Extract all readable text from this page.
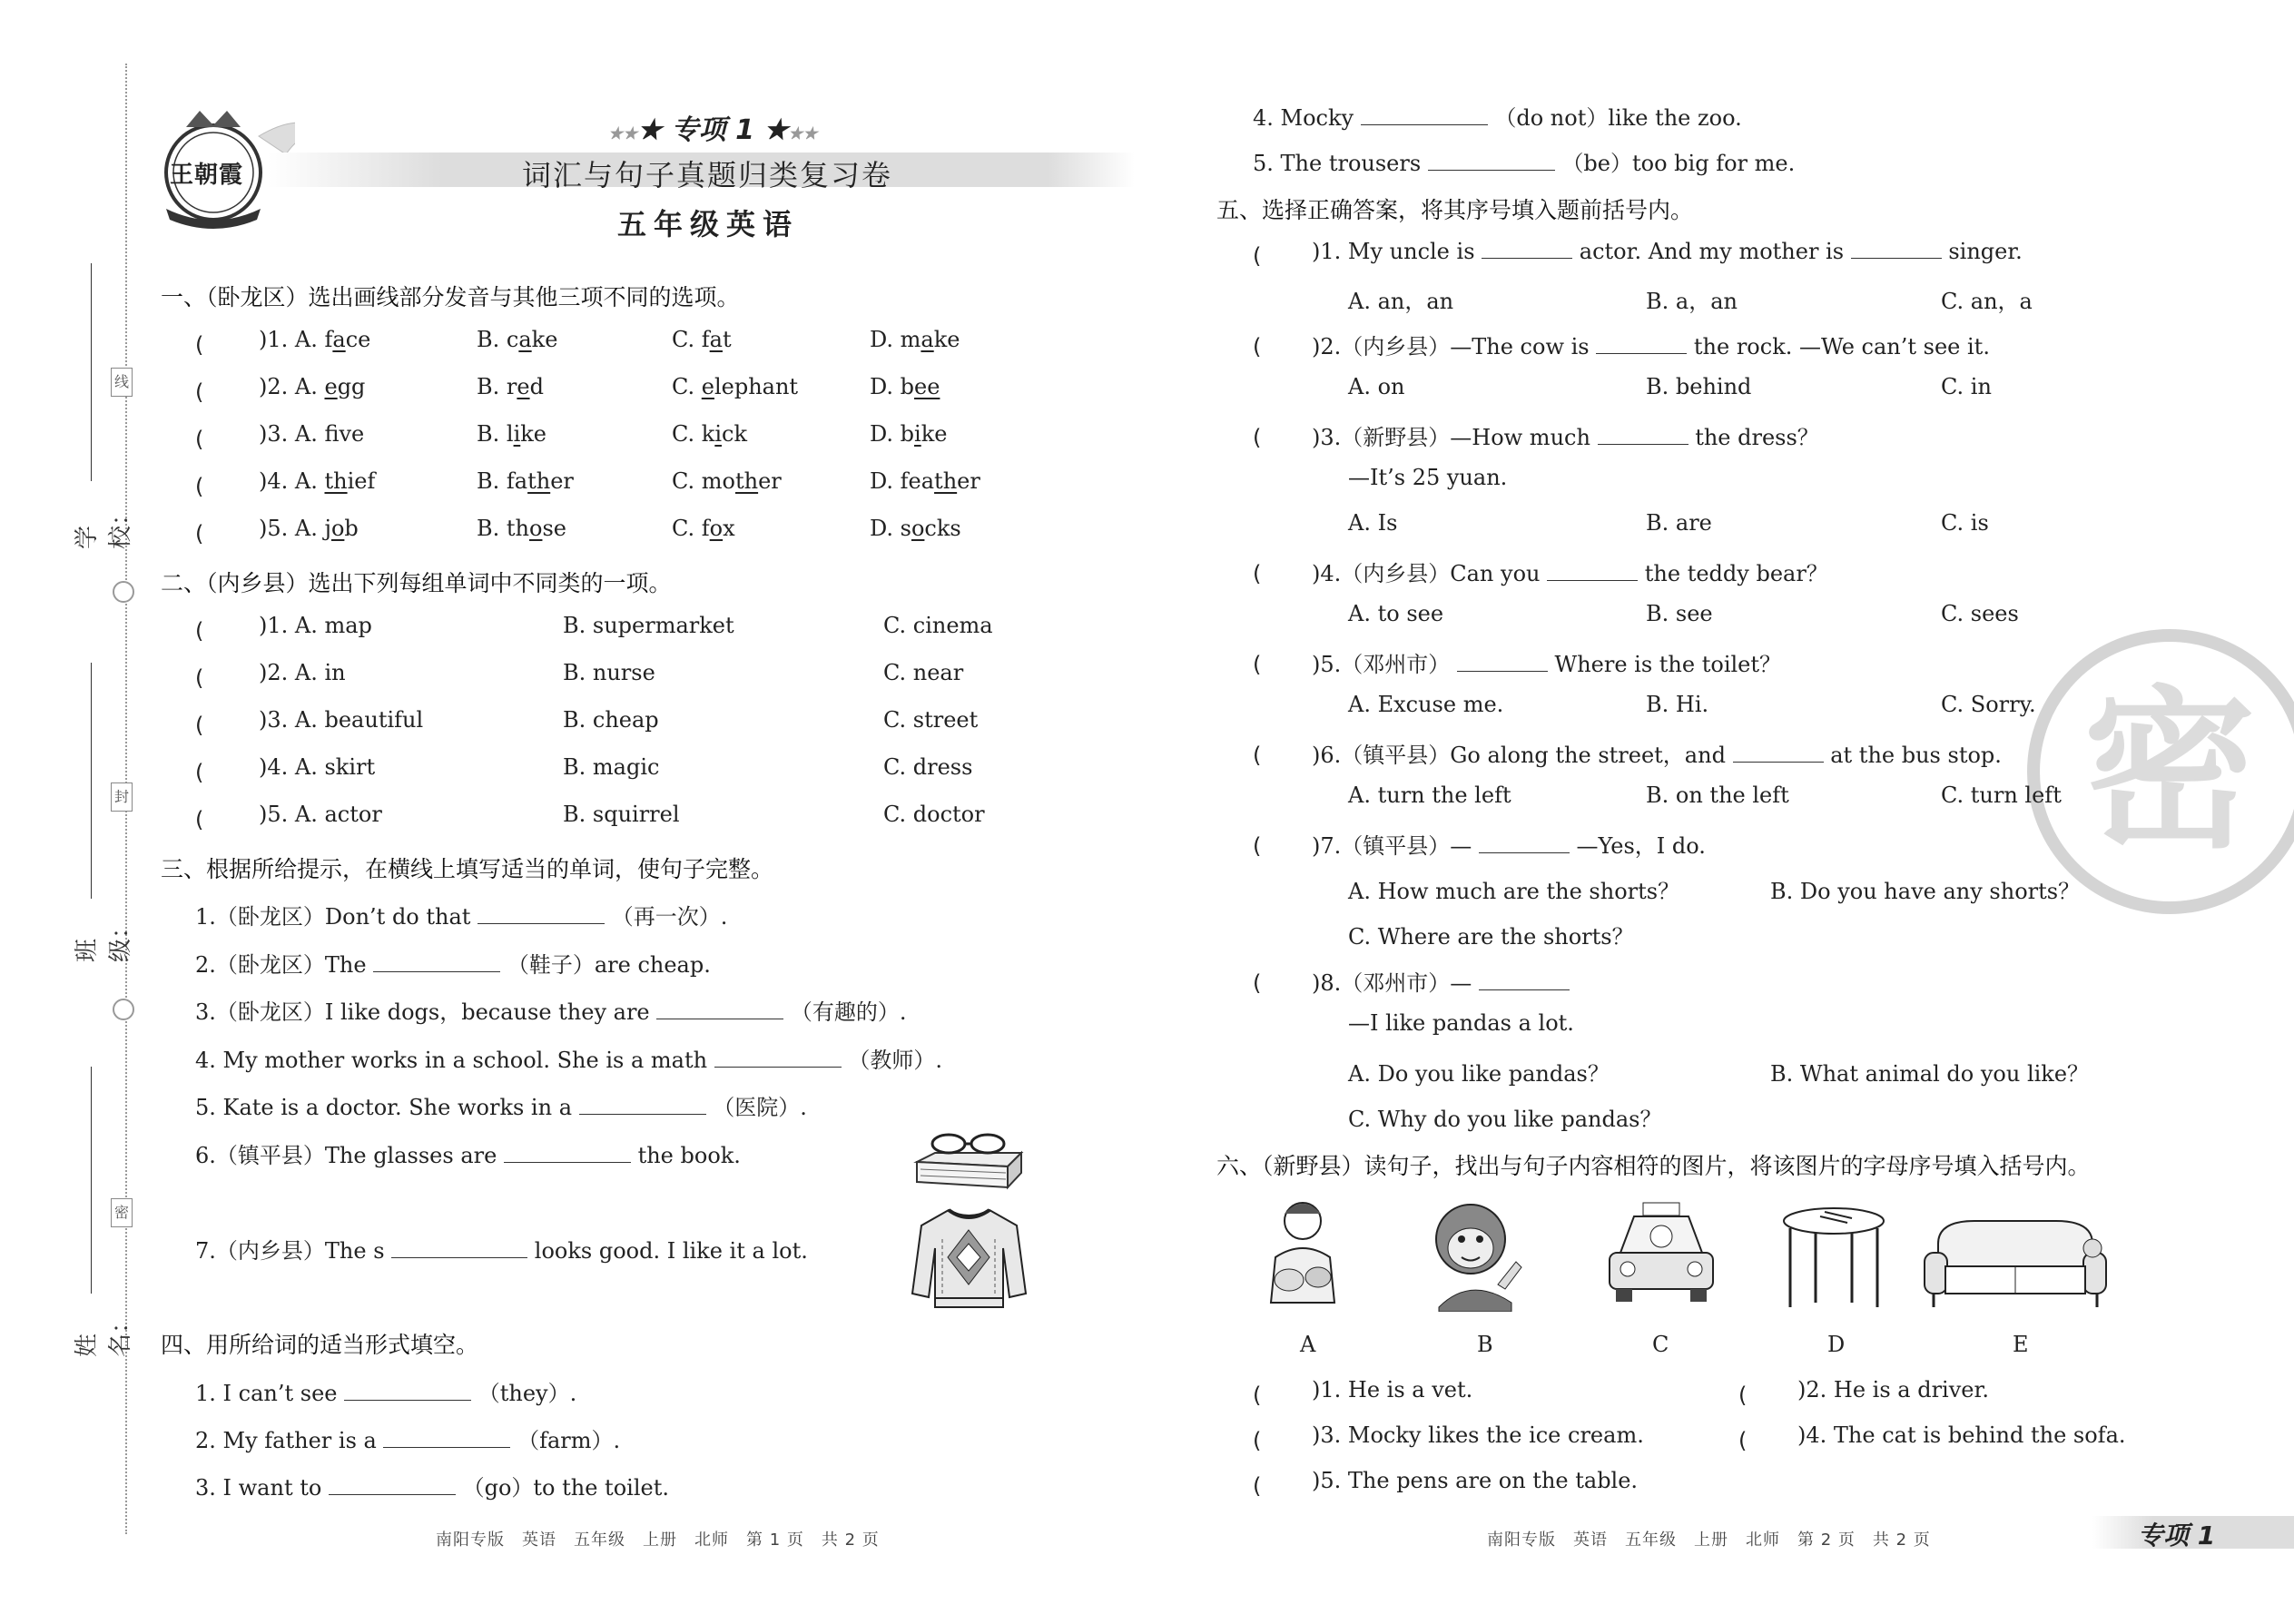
学校：
班级：
姓名：
线
封
密
王朝霞
★★★ 专项 1 ★★★
词汇与句子真题归类复习卷
五年级英语
一、（卧龙区）选出画线部分发音与其他三项不同的选项。
(　　 )1. A. face	B. cake	C. fat	D. make
(　　 )2. A. egg	B. red	C. elephant	D. bee
(　　 )3. A. fve	B. like	C. kick	D. bike
(　　 )4. A. thief	B. father	C. mother	D. feather
(　　 )5. A. job	B. those	C. fox	D. socks
二、（内乡县）选出下列每组单词中不同类的一项。
(　　 )1. A. map	B. supermarket	C. cinema
(　　 )2. A. in	B. nurse	C. near
(　　 )3. A. beautiful	B. cheap	C. street
(　　 )4. A. skirt	B. magic	C. dress
(　　 )5. A. actor	B. squirrel	C. doctor
三、根据所给提示，在横线上填写适当的单词，使句子完整。
1.（卧龙区）Don’t do that	（再一次）.
2.（卧龙区）The	（鞋子）are cheap.
3.（卧龙区）I like dogs，because they are	（有趣的）.
4. My mother works in a school. She is a math	（教师）.
5. Kate is a doctor. She works in a	（医院）.
6.（镇平县）The glasses are	the book.
7.（内乡县）The s	looks good. I like it a lot.
四、用所给词的适当形式填空。
1. I can’t see	（they）.
2. My father is a	（farm）.
3. I want to	（go）to the toilet.
南阳专版　英语　五年级　上册　北师　第 1 页　共 2 页
密
4. Mocky	（do not）like the zoo.
5. The trousers	（be）too big for me.
五、选择正确答案，将其序号填入题前括号内。
(　　 )1. My uncle is	actor. And my mother is	singer.
A. an，an	B. a，an	C. an，a
(　　 )2.（内乡县）—The cow is	the rock. —We can’t see it.
A. on	B. behind	C. in
(　　 )3.（新野县）—How much	the dress？
—It’s 25 yuan.
A. Is	B. are	C. is
(　　 )4.（内乡县）Can you	the teddy bear？
A. to see	B. see	C. sees
(　　 )5.（邓州市）	Where is the toilet？
A. Excuse me.	B. Hi.	C. Sorry.
(　　 )6.（镇平县）Go along the street，and	at the bus stop.
A. turn the left	B. on the left	C. turn left
(　　 )7.（镇平县）—	—Yes，I do.
A. How much are the shorts？	B. Do you have any shorts？
C. Where are the shorts？
(　　 )8.（邓州市）—
—I like pandas a lot.
A. Do you like pandas？	B. What animal do you like？
C. Why do you like pandas？
六、（新野县）读句子，找出与句子内容相符的图片，将该图片的字母序号填入括号内。
A	B	C	D	E
(　　 )1. He is a vet.	(　　 )2. He is a driver.
(　　 )3. Mocky likes the ice cream.	(　　 )4. The cat is behind the sofa.
(　　 )5. The pens are on the table.
南阳专版　英语　五年级　上册　北师　第 2 页　共 2 页	专项 1
